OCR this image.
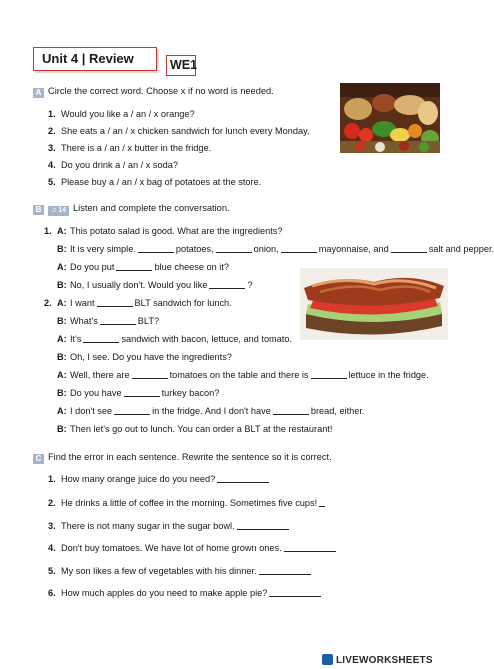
Unit 4 | Review	WE1
A Circle the correct word. Choose x if no word is needed.
1. Would you like a / an / x orange?
2. She eats a / an / x chicken sandwich for lunch every Monday.
3. There is a / an / x butter in the fridge.
4. Do you drink a / an / x soda?
5. Please buy a / an / x bag of potatoes at the store.
B ♫ 14 Listen and complete the conversation.
1. A: This potato salad is good. What are the ingredients?
B: It is very simple.	potatoes,	onion,	mayonnaise, and	salt and pepper.
A: Do you put	blue cheese on it?
B: No, I usually don't. Would you like	?
2. A: I want	BLT sandwich for lunch.
B: What's	BLT?
A: It's	sandwich with bacon, lettuce, and tomato.
B: Oh, I see. Do you have the ingredients?
A: Well, there are	tomatoes on the table and there is	lettuce in the fridge.
B: Do you have	turkey bacon?
A: I don't see	in the fridge. And I don't have	bread, either.
B: Then let's go out to lunch. You can order a BLT at the restaurant!
C Find the error in each sentence. Rewrite the sentence so it is correct.
1. How many orange juice do you need?
2. He drinks a little of coffee in the morning. Sometimes five cups!
3. There is not many sugar in the sugar bowl.
4. Don't buy tomatoes. We have lot of home grown ones.
5. My son likes a few of vegetables with his dinner.
6. How much apples do you need to make apple pie?
LIVEWORKSHEETS
